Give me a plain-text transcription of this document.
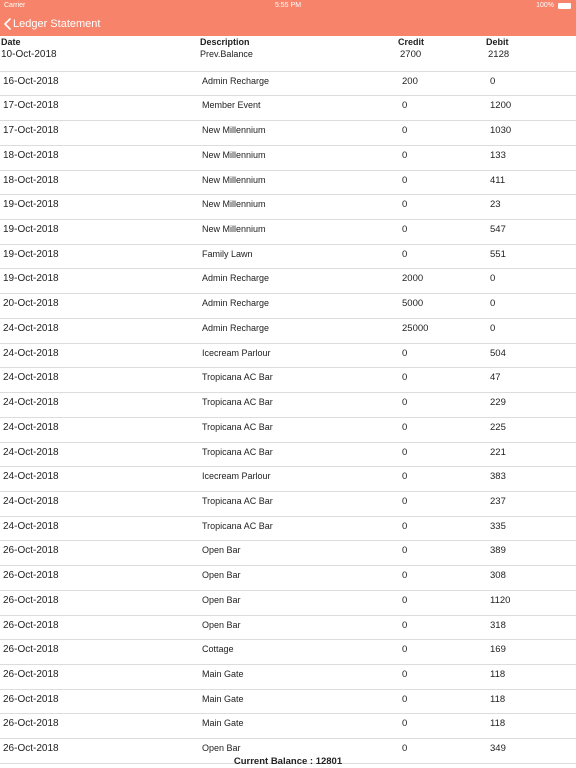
Carrier	5:55 PM	100%
Ledger Statement
Date	Description	Credit	Debit
10-Oct-2018	Prev.Balance	2700	2128
16-Oct-2018	Admin Recharge	200	0
17-Oct-2018	Member Event	0	1200
17-Oct-2018	New Millennium	0	1030
18-Oct-2018	New Millennium	0	133
18-Oct-2018	New Millennium	0	411
19-Oct-2018	New Millennium	0	23
19-Oct-2018	New Millennium	0	547
19-Oct-2018	Family Lawn	0	551
19-Oct-2018	Admin Recharge	2000	0
20-Oct-2018	Admin Recharge	5000	0
24-Oct-2018	Admin Recharge	25000	0
24-Oct-2018	Icecream Parlour	0	504
24-Oct-2018	Tropicana AC Bar	0	47
24-Oct-2018	Tropicana AC Bar	0	229
24-Oct-2018	Tropicana AC Bar	0	225
24-Oct-2018	Tropicana AC Bar	0	221
24-Oct-2018	Icecream Parlour	0	383
24-Oct-2018	Tropicana AC Bar	0	237
24-Oct-2018	Tropicana AC Bar	0	335
26-Oct-2018	Open Bar	0	389
26-Oct-2018	Open Bar	0	308
26-Oct-2018	Open Bar	0	1120
26-Oct-2018	Open Bar	0	318
26-Oct-2018	Cottage	0	169
26-Oct-2018	Main Gate	0	118
26-Oct-2018	Main Gate	0	118
26-Oct-2018	Main Gate	0	118
26-Oct-2018	Open Bar	0	349
Current Balance : 12801
